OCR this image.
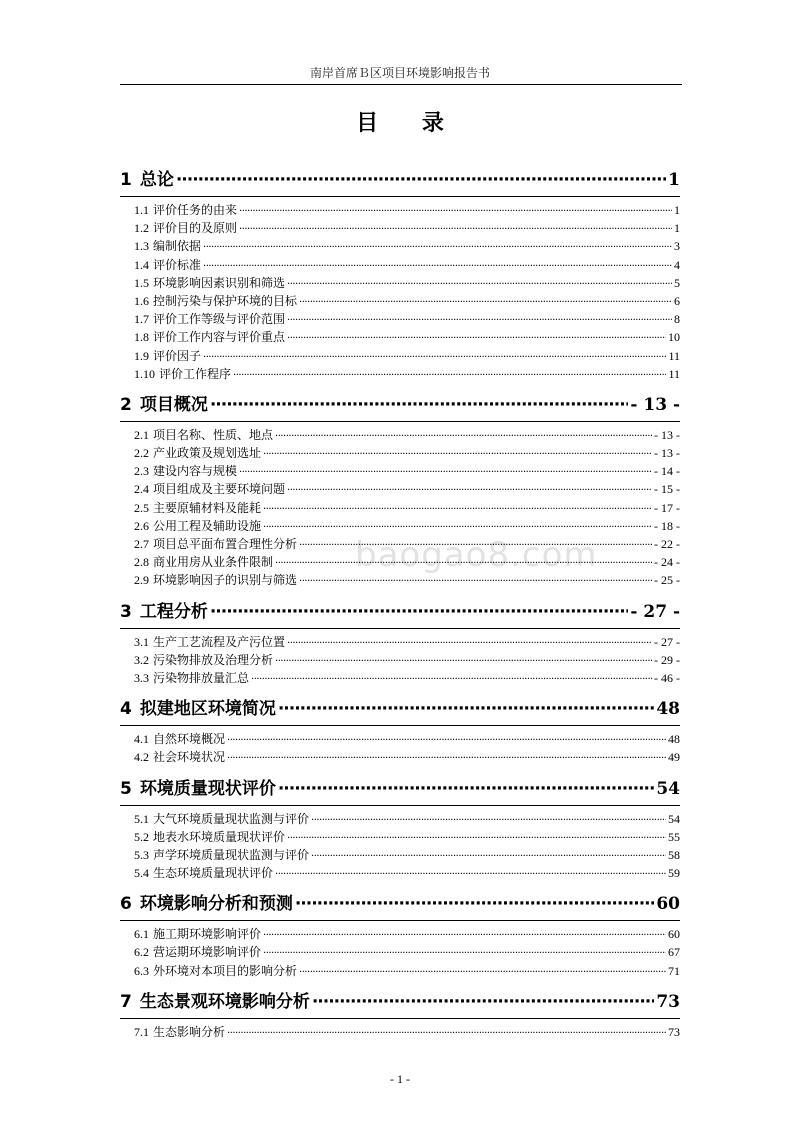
南岸首席Ｂ区项目环境影响报告书
目 录
baogao8.com
1 总论 ·····	1
1.1 评价任务的由来 ·····	1
1.2 评价目的及原则 ·····	1
1.3 编制依据 ·····	3
1.4 评价标准 ·····	4
1.5 环境影响因素识别和筛选 ·····	5
1.6 控制污染与保护环境的目标 ·····	6
1.7 评价工作等级与评价范围 ·····	8
1.8 评价工作内容与评价重点 ·····	10
1.9 评价因子 ·····	11
1.10 评价工作程序 ·····	11
2 项目概况 ·····	- 13 -
2.1 项目名称、性质、地点 ·····	- 13 -
2.2 产业政策及规划选址 ·····	- 13 -
2.3 建设内容与规模 ·····	- 14 -
2.4 项目组成及主要环境问题 ·····	- 15 -
2.5 主要原辅材料及能耗 ·····	- 17 -
2.6 公用工程及辅助设施 ·····	- 18 -
2.7 项目总平面布置合理性分析 ·····	- 22 -
2.8 商业用房从业条件限制 ·····	- 24 -
2.9 环境影响因子的识别与筛选 ·····	- 25 -
3 工程分析 ·····	- 27 -
3.1 生产工艺流程及产污位置 ·····	- 27 -
3.2 污染物排放及治理分析 ·····	- 29 -
3.3 污染物排放量汇总 ·····	- 46 -
4 拟建地区环境简况 ·····	48
4.1 自然环境概况 ·····	48
4.2 社会环境状况 ·····	49
5 环境质量现状评价 ·····	54
5.1 大气环境质量现状监测与评价 ·····	54
5.2 地表水环境质量现状评价 ·····	55
5.3 声学环境质量现状监测与评价 ·····	58
5.4 生态环境质量现状评价 ·····	59
6 环境影响分析和预测 ·····	60
6.1 施工期环境影响评价 ·····	60
6.2 营运期环境影响评价 ·····	67
6.3 外环境对本项目的影响分析 ·····	71
7 生态景观环境影响分析 ·····	73
7.1 生态影响分析 ·····	73
- 1 -
